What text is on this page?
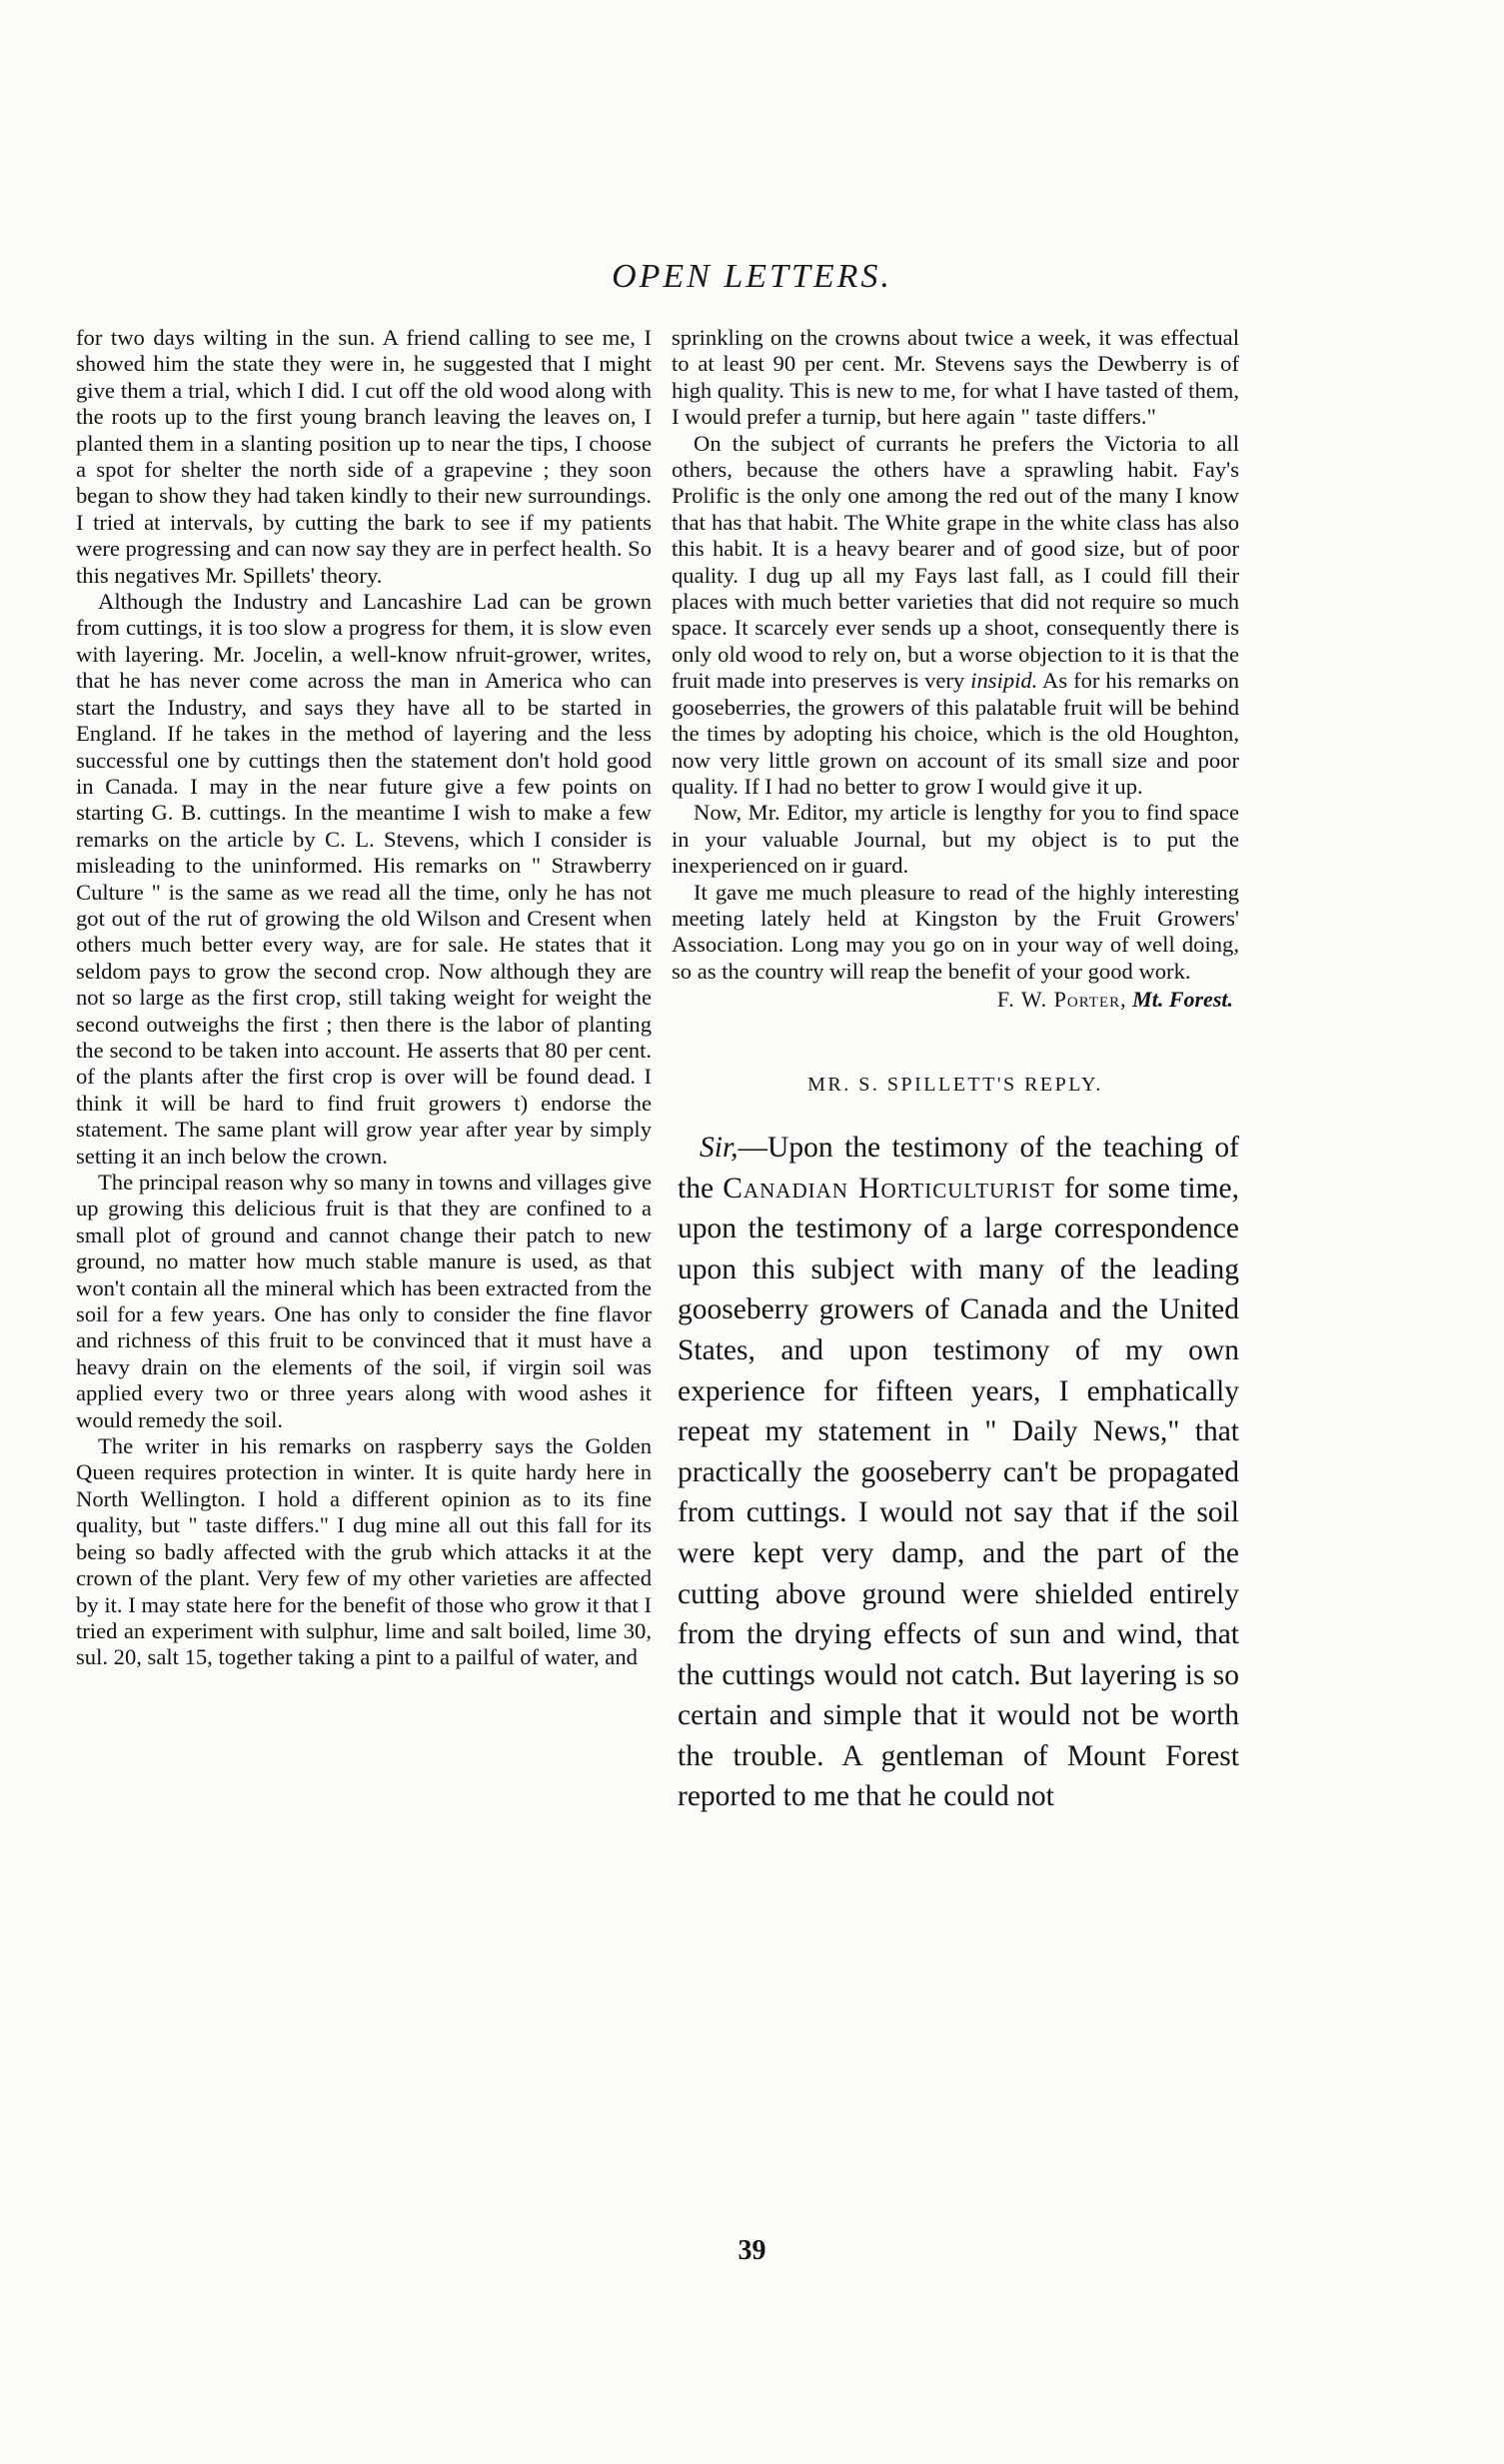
OPEN LETTERS.

for two days wilting in the sun. A friend calling to see me, I showed him the state they were in, he suggested that I might give them a trial, which I did. I cut off the old wood along with the roots up to the first young branch leaving the leaves on, I planted them in a slanting position up to near the tips, I choose a spot for shelter the north side of a grapevine ; they soon began to show they had taken kindly to their new surroundings. I tried at intervals, by cutting the bark to see if my patients were progressing and can now say they are in perfect health. So this negatives Mr. Spillets' theory.

Although the Industry and Lancashire Lad can be grown from cuttings, it is too slow a progress for them, it is slow even with layering. Mr. Jocelin, a well-know nfruit-grower, writes, that he has never come across the man in America who can start the Industry, and says they have all to be started in England. If he takes in the method of layering and the less successful one by cuttings then the statement don't hold good in Canada. I may in the near future give a few points on starting G. B. cuttings. In the meantime I wish to make a few remarks on the article by C. L. Stevens, which I consider is misleading to the uninformed. His remarks on " Strawberry Culture " is the same as we read all the time, only he has not got out of the rut of growing the old Wilson and Cresent when others much better every way, are for sale. He states that it seldom pays to grow the second crop. Now although they are not so large as the first crop, still taking weight for weight the second outweighs the first ; then there is the labor of planting the second to be taken into account. He asserts that 80 per cent. of the plants after the first crop is over will be found dead. I think it will be hard to find fruit growers t) endorse the statement. The same plant will grow year after year by simply setting it an inch below the crown.

The principal reason why so many in towns and villages give up growing this delicious fruit is that they are confined to a small plot of ground and cannot change their patch to new ground, no matter how much stable manure is used, as that won't contain all the mineral which has been extracted from the soil for a few years. One has only to consider the fine flavor and richness of this fruit to be convinced that it must have a heavy drain on the elements of the soil, if virgin soil was applied every two or three years along with wood ashes it would remedy the soil.

The writer in his remarks on raspberry says the Golden Queen requires protection in winter. It is quite hardy here in North Wellington. I hold a different opinion as to its fine quality, but " taste differs." I dug mine all out this fall for its being so badly affected with the grub which attacks it at the crown of the plant. Very few of my other varieties are affected by it. I may state here for the benefit of those who grow it that I tried an experiment with sulphur, lime and salt boiled, lime 30, sul. 20, salt 15, together taking a pint to a pailful of water, and

sprinkling on the crowns about twice a week, it was effectual to at least 90 per cent. Mr. Stevens says the Dewberry is of high quality. This is new to me, for what I have tasted of them, I would prefer a turnip, but here again " taste differs."

On the subject of currants he prefers the Victoria to all others, because the others have a sprawling habit. Fay's Prolific is the only one among the red out of the many I know that has that habit. The White grape in the white class has also this habit. It is a heavy bearer and of good size, but of poor quality. I dug up all my Fays last fall, as I could fill their places with much better varieties that did not require so much space. It scarcely ever sends up a shoot, consequently there is only old wood to rely on, but a worse objection to it is that the fruit made into preserves is very insipid. As for his remarks on gooseberries, the growers of this palatable fruit will be behind the times by adopting his choice, which is the old Houghton, now very little grown on account of its small size and poor quality. If I had no better to grow I would give it up.

Now, Mr. Editor, my article is lengthy for you to find space in your valuable Journal, but my object is to put the inexperienced on ir guard.

It gave me much pleasure to read of the highly interesting meeting lately held at Kingston by the Fruit Growers' Association. Long may you go on in your way of well doing, so as the country will reap the benefit of your good work.

F. W. Porter, Mt. Forest.
MR. S. SPILLETT'S REPLY.

Sir,—Upon the testimony of the teaching of the Canadian Horticulturist for some time, upon the testimony of a large correspondence upon this subject with many of the leading gooseberry growers of Canada and the United States, and upon testimony of my own experience for fifteen years, I emphatically repeat my statement in " Daily News," that practically the gooseberry can't be propagated from cuttings. I would not say that if the soil were kept very damp, and the part of the cutting above ground were shielded entirely from the drying effects of sun and wind, that the cuttings would not catch. But layering is so certain and simple that it would not be worth the trouble. A gentleman of Mount Forest reported to me that he could not

39
